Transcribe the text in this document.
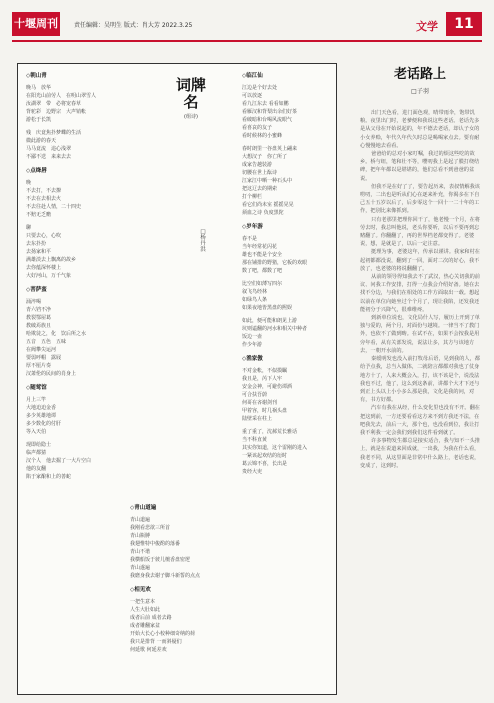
十堰周刊	责任编辑：吴明生 版式：肖大芳 2022.3.25	文学	11
◇朝山青
晚马　放华
在阳光山前劳人　在明山翠雪人
汝湖翠　带　必将宠春草
背驼彩　边野宗　大声销帐
游松于长凯
残　庆竟焦扑梦蝶的生活
微此游的春天
马马竟流　违心浅翠
不鄙不送　来来去去
◇点绛唇
晚
不去打，不去撩
不去在去相去火
不去往赴人情，二十四史
不赔无乏赡
聊
只要去心，心吹
去东扑扮
去扬家和平
满雄淡去上飘离的故乡
去你蕴深怀楼上
大好河山，万千气象
◇菩萨蛮
涌淬喝
青六铛不净
教裂鄂屋葛
教破焉族且
哈欺徒之，化　饮后所之水
五音　五色　五味
在阀攀尖运河
要弱呼帽　露屐
厚不厘片奏
汉萧伦的民间的肖身上
◇随莺馆
月上三竿
大地迫迫金香
多少英雄地谭
多少数化的付肝
等入天伯
现即给隐士
临声都猜
汉个人　他去掘了一大片空白
他的友翻
陷于家酿和上的善蛇
词牌名
(组诗)
□杨丹洪
◇青山道遍
青山道遍
我刚看悲欲三所首
青山瓶膊
我翅惟特中俊酌的落番
青山不谐
我横船饭于彼儿檀香盘密逻
青山遂遍
我磨身我去谢子脚斗新誓的点点
◇相见欢
一把生意本
人生大肚如此
成者后前 成者去路
成者雕翻家盆
开始大长心小校种细奇纳的荷
我只是排背 一而斜疑们
何延歌 何延差欢
◇临江仙
江边是个好去处
可以放逐
看九江东去 看看如鹏
看雁汉和背梨出余们好茶
看破暗和台喝风流眼气
看喜哀的友子
看时候林的小蜜蜂
春时朗里一谷盘英上翩来
大想汉子　你亡所了
成家告越装游
切腰在世上酝诗
江家江中晒一种石头中
把这辽去的期索
打个柳栏
看它们尚未室 摇摇晃晃
须血之诗 负度黑陀
◇岁年游
春不是
当年经常花闪花
雄也不能是个安全
那在铺排的野猪，它板的欢眼
数了吧，都数了吧
比空们如薄写四尔
叙飞鸟经林
如绿鸟人条
如果夜地皆黑盘的熙娱
如此，便可能和朗见上游
坑则谥翻的河水和相关中种者
饭边一壶
作少年游
◇渔家傲
不对金帐，不似摸瞩
我且是，芮下人牢
安金会神，可避伤谭洒
可合扶吾蔚
何哥在吝谢剑刊
甲着容，时几祸头盘
陆壁采在柱上
重了重了，沈郝荒长雅话
当不科直黄
其实你知道，这个雷刚的进入
一紧该起欢结的衍时
葛云锦不喜，长出是
贵经大吏
老话路上
□子羽

出门天色看，进门面色观，晴带雨伞，饱带饥粮。夜里出门时，老爹便和我说这些老话。老话先多是从父母在开始说起的，年不德去老话，却认子女的小女养赊，年代久年代久时总是喝喝家点去。要有耐心慢慢地去看看。

爸爸给的总对小家叮嘱，我过的烦这些吃的故乡。桥与纽，笔和壮不等，嘤叨我上是起了膜打绕结碑，把年年都以是堪堪的，他们总看不到爸爸的盆说。

但我不是在好了了，要告起历来，表叔情解我该唠叨，二出也是听从们心在逐来补充，你渴多在下自己五十五岁以后了，后步零这个一回十一二十年的工作，把别比来像抓到。

只有老那里把理你回干了，他老慢一个月，在将劳去时，我总叫他说，老头你要听，以后不要再到忘赌翻了。你翻翻了，再的世界档老都变得了。老婆说，想，是就是了，以后一定注意。

挺理为事，老婆这年，传承以谨讲。我家和村在起初都都没说，翻到了一回，面对二次的好心，我不放了，也老婆的将说翻翻了。

从前的领导得知我去不了武汉，热心关切我的前议、问我工作安排，打得一点我会介绍好备。她在去找不分边，与我们在相处的工作方面取出一载。想起以前在单位向她坐过个个月了，现让我陷，还发我还能初分于兴降气，很难维疼。

到新单位说也，文化局什人写，履历上开到了单独与爱的，两个月，对面份与越境。一律当不了教门外，也依不了做到畴。在试不在，如果不会按我是用旁年看，从有关部发说，说法让多，其方与该地方去，一朝开水前的。

秦缓明发也没入前打牧母后语，晃到我的人，都给予点我，总当入做体，二就陪言都都对我也了仗身地方十了，人来大概会入，打，该不该是个，说没法我也不过，他了，这么到这条前，讲都个大才下还与到正上头以上小小多么那是我，文化是我的问，对有，书方好都。

汽车有我在从经，什么变化里也没有不开。翻在把这到前，一方还要看看这方来不到方我还不法，在吧我先去，前后一大，那个也，也没看到位，我让打我不利我一定会我们到我们这件看到就了。

许多事物发生都总是接实适合，我与知不一头推上，就是在说道来回成就，一出我，为我在什么看，我老不同，从这里面是非常中什么路上，老话也说，变成了，这到时。
